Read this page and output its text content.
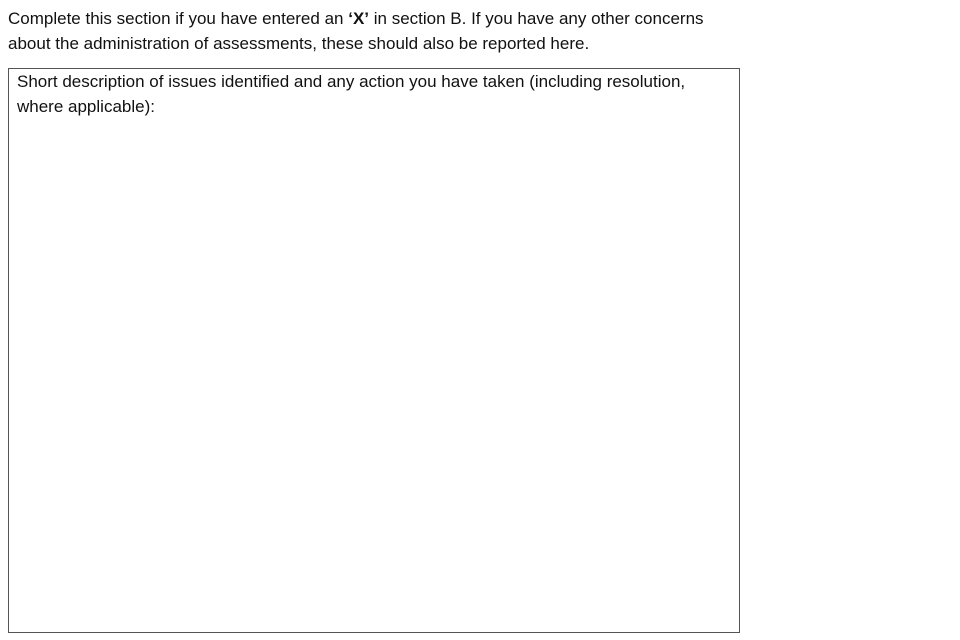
Complete this section if you have entered an ‘X’ in section B. If you have any other concerns about the administration of assessments, these should also be reported here.

Short description of issues identified and any action you have taken (including resolution, where applicable):
